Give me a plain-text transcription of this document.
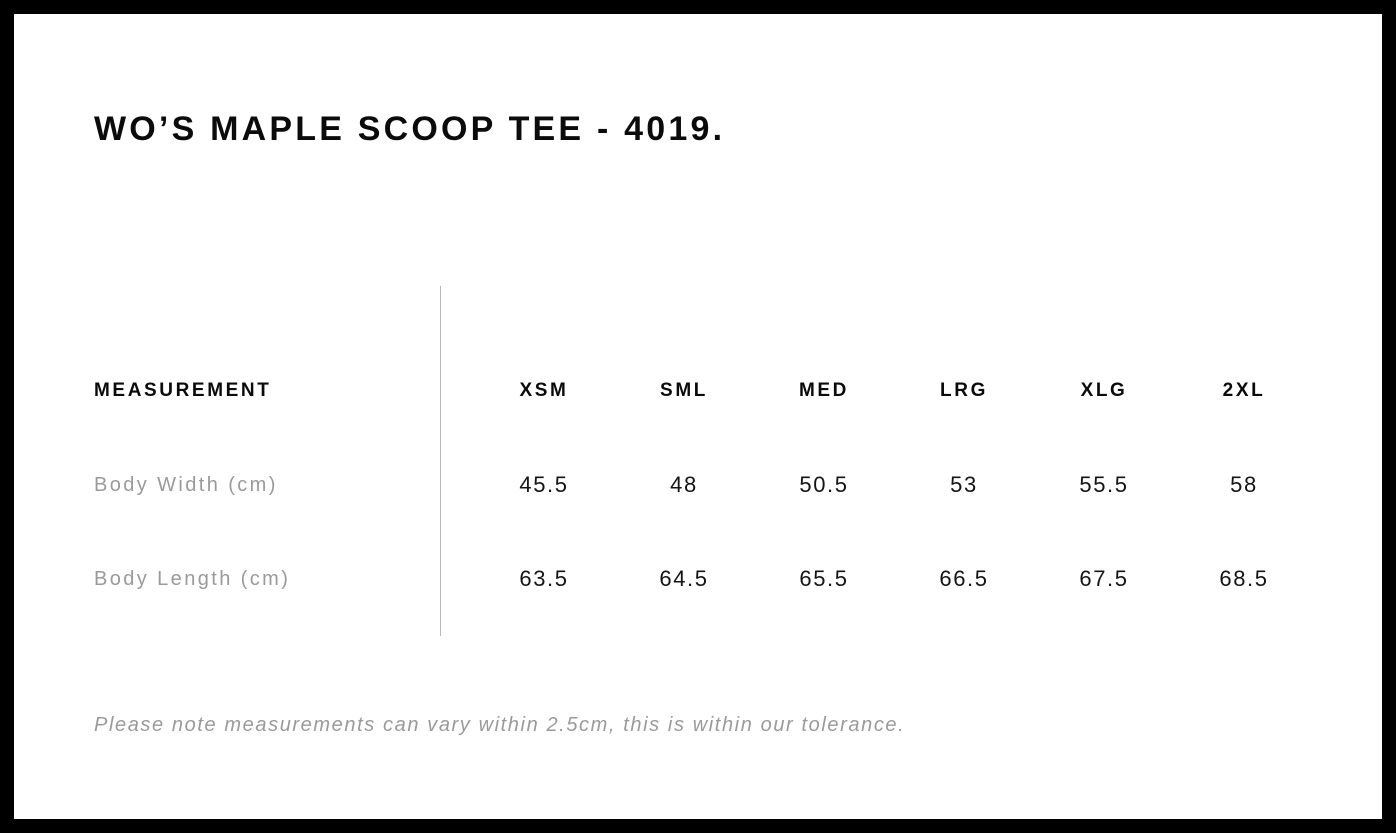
WO’S MAPLE SCOOP TEE - 4019.
MEASUREMENT	XSM	SML	MED	LRG	XLG	2XL
Body Width (cm)	45.5	48	50.5	53	55.5	58
Body Length (cm)	63.5	64.5	65.5	66.5	67.5	68.5
Please note measurements can vary within 2.5cm, this is within our tolerance.
